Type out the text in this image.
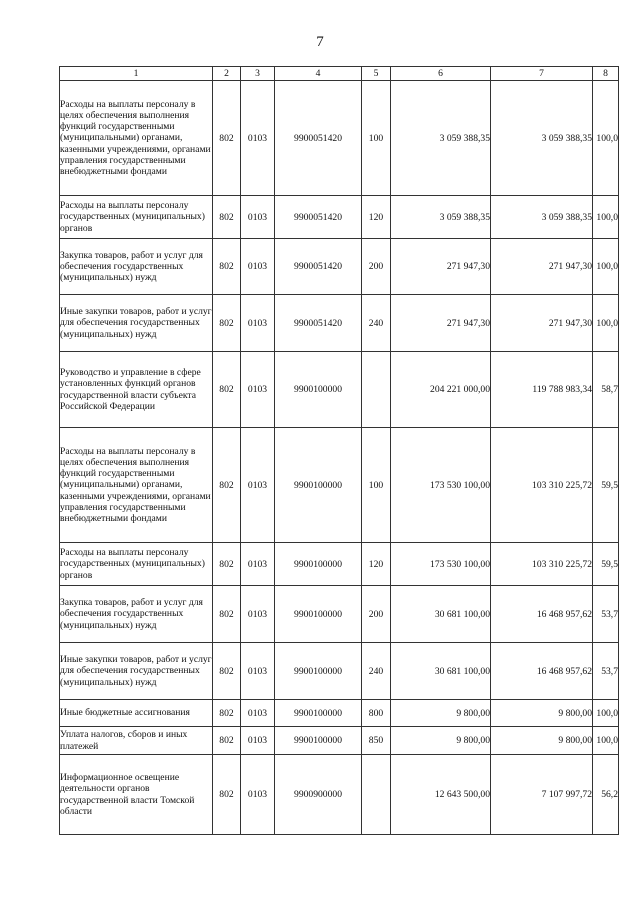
7
1	2	3	4	5	6	7	8
Расходы на выплаты персоналу в целях обеспечения выполнения функций государственными (муниципальными) органами, казенными учреждениями, органами управления государственными внебюджетными фондами	802	0103	9900051420	100	3 059 388,35	3 059 388,35	100,0
Расходы на выплаты персоналу государственных (муниципальных) органов	802	0103	9900051420	120	3 059 388,35	3 059 388,35	100,0
Закупка товаров, работ и услуг для обеспечения государственных (муниципальных) нужд	802	0103	9900051420	200	271 947,30	271 947,30	100,0
Иные закупки товаров, работ и услуг для обеспечения государственных (муниципальных) нужд	802	0103	9900051420	240	271 947,30	271 947,30	100,0
Руководство и управление в сфере установленных функций органов государственной власти субъекта Российской Федерации	802	0103	9900100000		204 221 000,00	119 788 983,34	58,7
Расходы на выплаты персоналу в целях обеспечения выполнения функций государственными (муниципальными) органами, казенными учреждениями, органами управления государственными внебюджетными фондами	802	0103	9900100000	100	173 530 100,00	103 310 225,72	59,5
Расходы на выплаты персоналу государственных (муниципальных) органов	802	0103	9900100000	120	173 530 100,00	103 310 225,72	59,5
Закупка товаров, работ и услуг для обеспечения государственных (муниципальных) нужд	802	0103	9900100000	200	30 681 100,00	16 468 957,62	53,7
Иные закупки товаров, работ и услуг для обеспечения государственных (муниципальных) нужд	802	0103	9900100000	240	30 681 100,00	16 468 957,62	53,7
Иные бюджетные ассигнования	802	0103	9900100000	800	9 800,00	9 800,00	100,0
Уплата налогов, сборов и иных платежей	802	0103	9900100000	850	9 800,00	9 800,00	100,0
Информационное освещение деятельности органов государственной власти Томской области	802	0103	9900900000		12 643 500,00	7 107 997,72	56,2
